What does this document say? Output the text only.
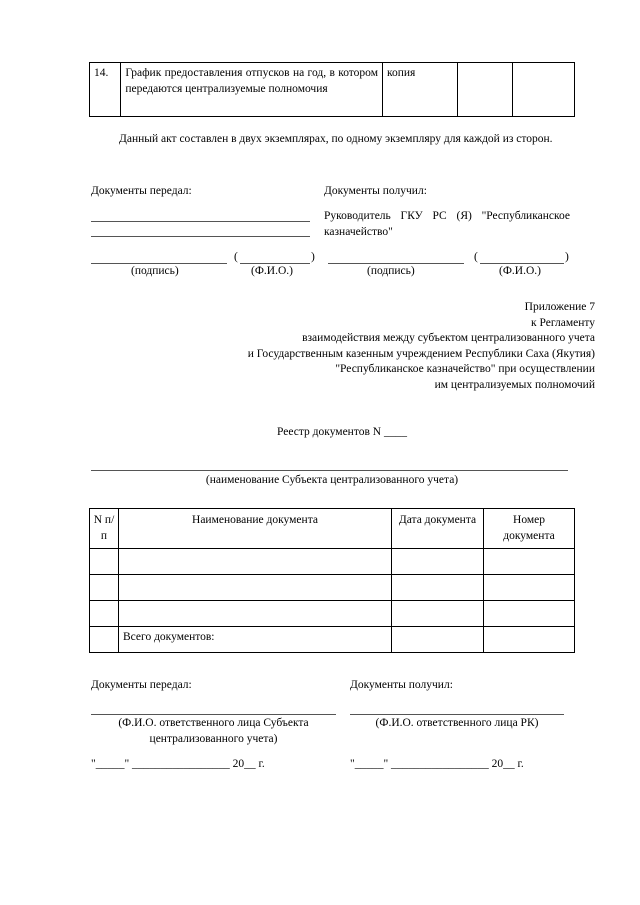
14.	График предоставления отпусков на год, в котором передаются централизуемые полномочия	копия		
Данный акт составлен в двух экземплярах, по одному экземпляру для каждой из сторон.
Документы передал:	Документы получил:
Руководитель ГКУ РС (Я) "Республиканское казначейство"
(	)	(	)
(подпись)	(Ф.И.О.)	(подпись)	(Ф.И.О.)
Приложение 7
к Регламенту
взаимодействия между субъектом централизованного учета
и Государственным казенным учреждением Республики Саха (Якутия)
"Республиканское казначейство" при осуществлении
им централизуемых полномочий
Реестр документов N ____
(наименование Субъекта централизованного учета)
N п/п	Наименование документа	Дата документа	Номер документа

	Всего документов:		
Документы передал:	Документы получил:
(Ф.И.О. ответственного лица Субъекта централизованного учета)
(Ф.И.О. ответственного лица РК)
"_____" _________________ 20__ г.	"_____" _________________ 20__ г.
